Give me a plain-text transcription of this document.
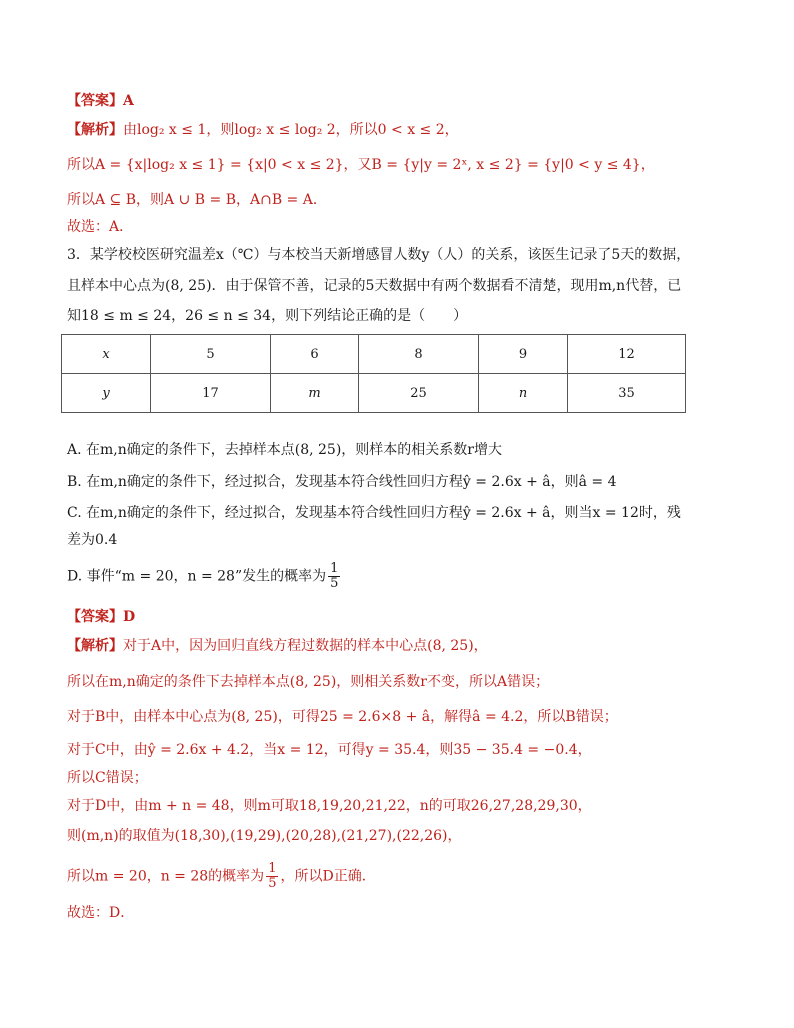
【答案】A
【解析】由log₂ x ≤ 1，则log₂ x ≤ log₂ 2，所以0 < x ≤ 2，
所以A = {x|log₂ x ≤ 1} = {x|0 < x ≤ 2}，又B = {y|y = 2ˣ, x ≤ 2} = {y|0 < y ≤ 4}，
所以A ⊆ B，则A ∪ B = B，A∩B = A．
故选：A．
3．某学校校医研究温差x（℃）与本校当天新增感冒人数y（人）的关系，该医生记录了5天的数据，
且样本中心点为(8, 25)．由于保管不善，记录的5天数据中有两个数据看不清楚，现用m,n代替，已
知18 ≤ m ≤ 24，26 ≤ n ≤ 34，则下列结论正确的是（　　）
x	5	6	8	9	12
y	17	m	25	n	35
A. 在m,n确定的条件下，去掉样本点(8, 25)，则样本的相关系数r增大
B. 在m,n确定的条件下，经过拟合，发现基本符合线性回归方程ŷ = 2.6x + â，则â = 4
C. 在m,n确定的条件下，经过拟合，发现基本符合线性回归方程ŷ = 2.6x + â，则当x = 12时，残
差为0.4
D. 事件“m = 20，n = 28”发生的概率为 $\frac{1}{5}$
【答案】D
【解析】对于A中，因为回归直线方程过数据的样本中心点(8, 25)，
所以在m,n确定的条件下去掉样本点(8, 25)，则相关系数r不变，所以A错误；
对于B中，由样本中心点为(8, 25)，可得25 = 2.6×8 + â，解得â = 4.2，所以B错误；
对于C中，由ŷ = 2.6x + 4.2，当x = 12，可得y = 35.4，则35 − 35.4 = −0.4，
所以C错误；
对于D中，由m + n = 48，则m可取18,19,20,21,22，n的可取26,27,28,29,30，
则(m,n)的取值为(18,30),(19,29),(20,28),(21,27),(22,26)，
所以m = 20，n = 28的概率为 $\frac{1}{5}$ ，所以D正确．
故选：D．
